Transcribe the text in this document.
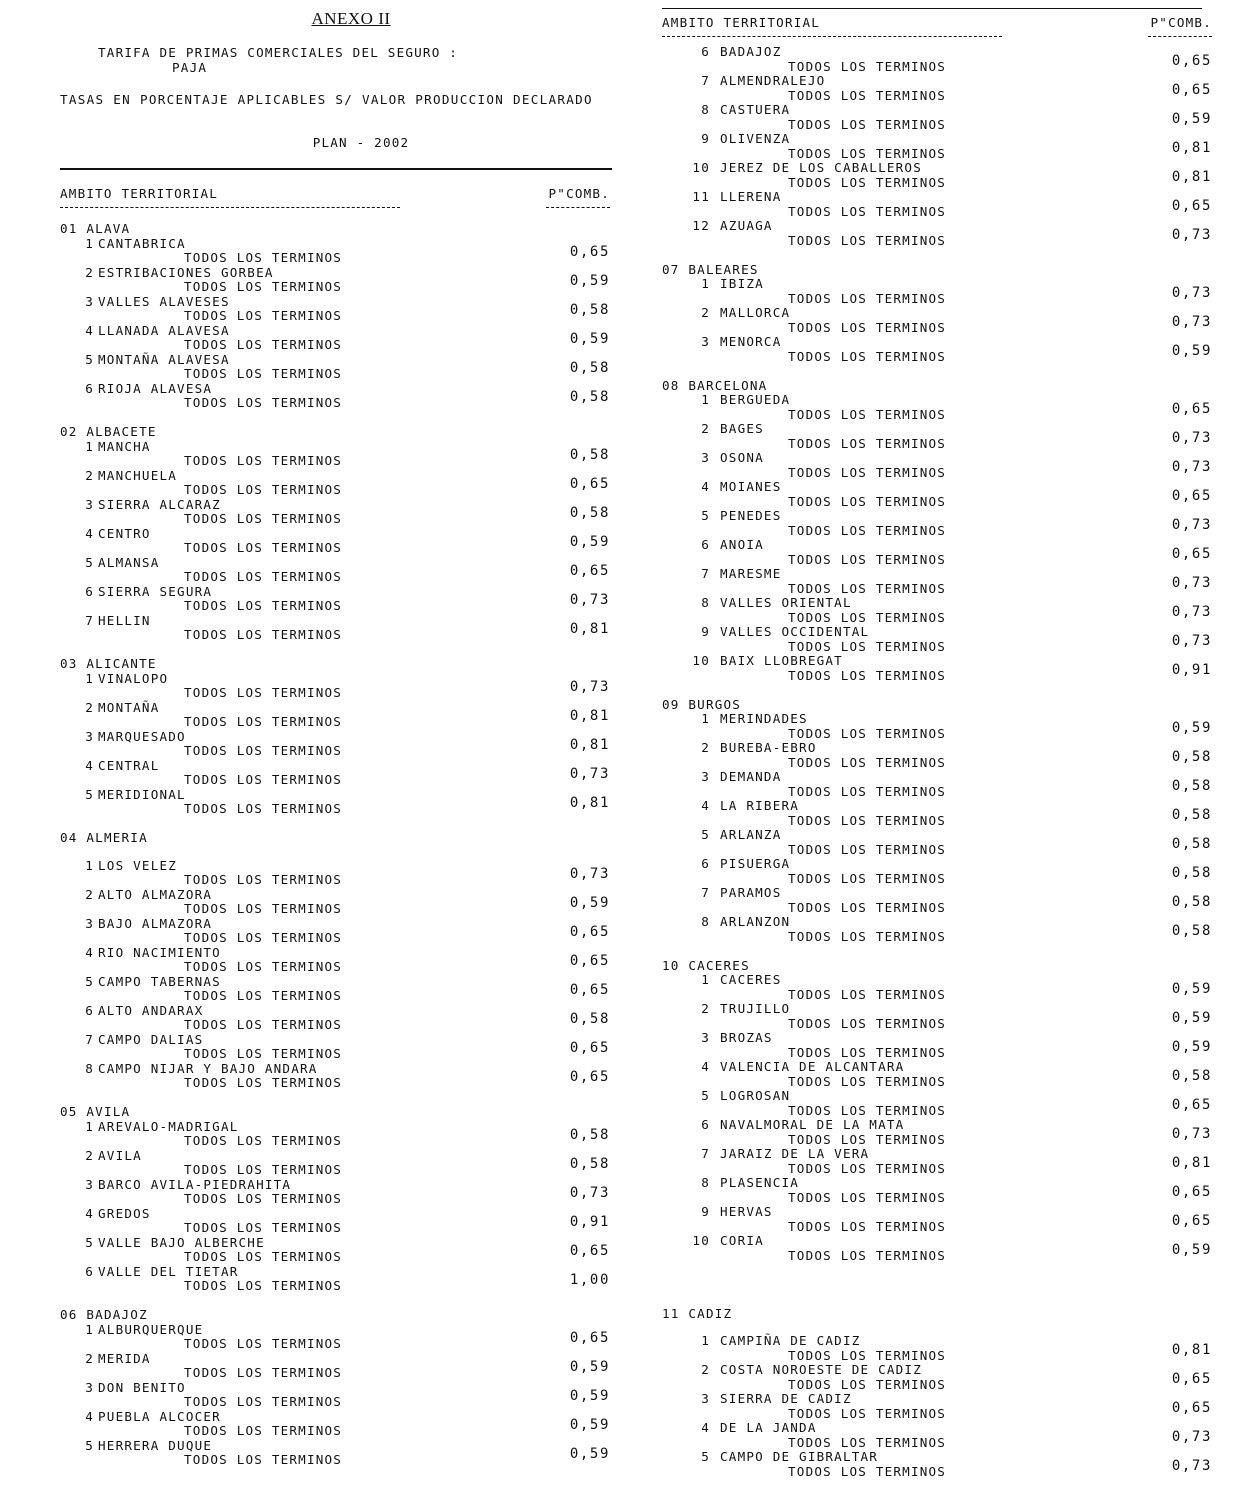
ANEXO II
TARIFA DE PRIMAS COMERCIALES DEL SEGURO :
PAJA
TASAS EN PORCENTAJE APLICABLES S/ VALOR PRODUCCION DECLARADO
PLAN - 2002
AMBITO TERRITORIAL	P"COMB.
01 ALAVA
1 CANTABRICA
TODOS LOS TERMINOS	0,65
2 ESTRIBACIONES GORBEA
TODOS LOS TERMINOS	0,59
3 VALLES ALAVESES
TODOS LOS TERMINOS	0,58
4 LLANADA ALAVESA
TODOS LOS TERMINOS	0,59
5 MONTAÑA ALAVESA
TODOS LOS TERMINOS	0,58
6 RIOJA ALAVESA
TODOS LOS TERMINOS	0,58
02 ALBACETE
1 MANCHA
TODOS LOS TERMINOS	0,58
2 MANCHUELA
TODOS LOS TERMINOS	0,65
3 SIERRA ALCARAZ
TODOS LOS TERMINOS	0,58
4 CENTRO
TODOS LOS TERMINOS	0,59
5 ALMANSA
TODOS LOS TERMINOS	0,65
6 SIERRA SEGURA
TODOS LOS TERMINOS	0,73
7 HELLIN
TODOS LOS TERMINOS	0,81
03 ALICANTE
1 VINALOPO
TODOS LOS TERMINOS	0,73
2 MONTAÑA
TODOS LOS TERMINOS	0,81
3 MARQUESADO
TODOS LOS TERMINOS	0,81
4 CENTRAL
TODOS LOS TERMINOS	0,73
5 MERIDIONAL
TODOS LOS TERMINOS	0,81
04 ALMERIA
1 LOS VELEZ
TODOS LOS TERMINOS	0,73
2 ALTO ALMAZORA
TODOS LOS TERMINOS	0,59
3 BAJO ALMAZORA
TODOS LOS TERMINOS	0,65
4 RIO NACIMIENTO
TODOS LOS TERMINOS	0,65
5 CAMPO TABERNAS
TODOS LOS TERMINOS	0,65
6 ALTO ANDARAX
TODOS LOS TERMINOS	0,58
7 CAMPO DALIAS
TODOS LOS TERMINOS	0,65
8 CAMPO NIJAR Y BAJO ANDARA
TODOS LOS TERMINOS	0,65
05 AVILA
1 AREVALO-MADRIGAL
TODOS LOS TERMINOS	0,58
2 AVILA
TODOS LOS TERMINOS	0,58
3 BARCO AVILA-PIEDRAHITA
TODOS LOS TERMINOS	0,73
4 GREDOS
TODOS LOS TERMINOS	0,91
5 VALLE BAJO ALBERCHE
TODOS LOS TERMINOS	0,65
6 VALLE DEL TIETAR
TODOS LOS TERMINOS	1,00
06 BADAJOZ
1 ALBURQUERQUE
TODOS LOS TERMINOS	0,65
2 MERIDA
TODOS LOS TERMINOS	0,59
3 DON BENITO
TODOS LOS TERMINOS	0,59
4 PUEBLA ALCOCER
TODOS LOS TERMINOS	0,59
5 HERRERA DUQUE
TODOS LOS TERMINOS	0,59
AMBITO TERRITORIAL	P"COMB.
6 BADAJOZ
TODOS LOS TERMINOS	0,65
7 ALMENDRALEJO
TODOS LOS TERMINOS	0,65
8 CASTUERA
TODOS LOS TERMINOS	0,59
9 OLIVENZA
TODOS LOS TERMINOS	0,81
10 JEREZ DE LOS CABALLEROS
TODOS LOS TERMINOS	0,81
11 LLERENA
TODOS LOS TERMINOS	0,65
12 AZUAGA
TODOS LOS TERMINOS	0,73
07 BALEARES
1 IBIZA
TODOS LOS TERMINOS	0,73
2 MALLORCA
TODOS LOS TERMINOS	0,73
3 MENORCA
TODOS LOS TERMINOS	0,59
08 BARCELONA
1 BERGUEDA
TODOS LOS TERMINOS	0,65
2 BAGES
TODOS LOS TERMINOS	0,73
3 OSONA
TODOS LOS TERMINOS	0,73
4 MOIANES
TODOS LOS TERMINOS	0,65
5 PENEDES
TODOS LOS TERMINOS	0,73
6 ANOIA
TODOS LOS TERMINOS	0,65
7 MARESME
TODOS LOS TERMINOS	0,73
8 VALLES ORIENTAL
TODOS LOS TERMINOS	0,73
9 VALLES OCCIDENTAL
TODOS LOS TERMINOS	0,73
10 BAIX LLOBREGAT
TODOS LOS TERMINOS	0,91
09 BURGOS
1 MERINDADES
TODOS LOS TERMINOS	0,59
2 BUREBA-EBRO
TODOS LOS TERMINOS	0,58
3 DEMANDA
TODOS LOS TERMINOS	0,58
4 LA RIBERA
TODOS LOS TERMINOS	0,58
5 ARLANZA
TODOS LOS TERMINOS	0,58
6 PISUERGA
TODOS LOS TERMINOS	0,58
7 PARAMOS
TODOS LOS TERMINOS	0,58
8 ARLANZON
TODOS LOS TERMINOS	0,58
10 CACERES
1 CACERES
TODOS LOS TERMINOS	0,59
2 TRUJILLO
TODOS LOS TERMINOS	0,59
3 BROZAS
TODOS LOS TERMINOS	0,59
4 VALENCIA DE ALCANTARA
TODOS LOS TERMINOS	0,58
5 LOGROSAN
TODOS LOS TERMINOS	0,65
6 NAVALMORAL DE LA MATA
TODOS LOS TERMINOS	0,73
7 JARAIZ DE LA VERA
TODOS LOS TERMINOS	0,81
8 PLASENCIA
TODOS LOS TERMINOS	0,65
9 HERVAS
TODOS LOS TERMINOS	0,65
10 CORIA
TODOS LOS TERMINOS	0,59
11 CADIZ
1 CAMPIÑA DE CADIZ
TODOS LOS TERMINOS	0,81
2 COSTA NOROESTE DE CADIZ
TODOS LOS TERMINOS	0,65
3 SIERRA DE CADIZ
TODOS LOS TERMINOS	0,65
4 DE LA JANDA
TODOS LOS TERMINOS	0,73
5 CAMPO DE GIBRALTAR
TODOS LOS TERMINOS	0,73
